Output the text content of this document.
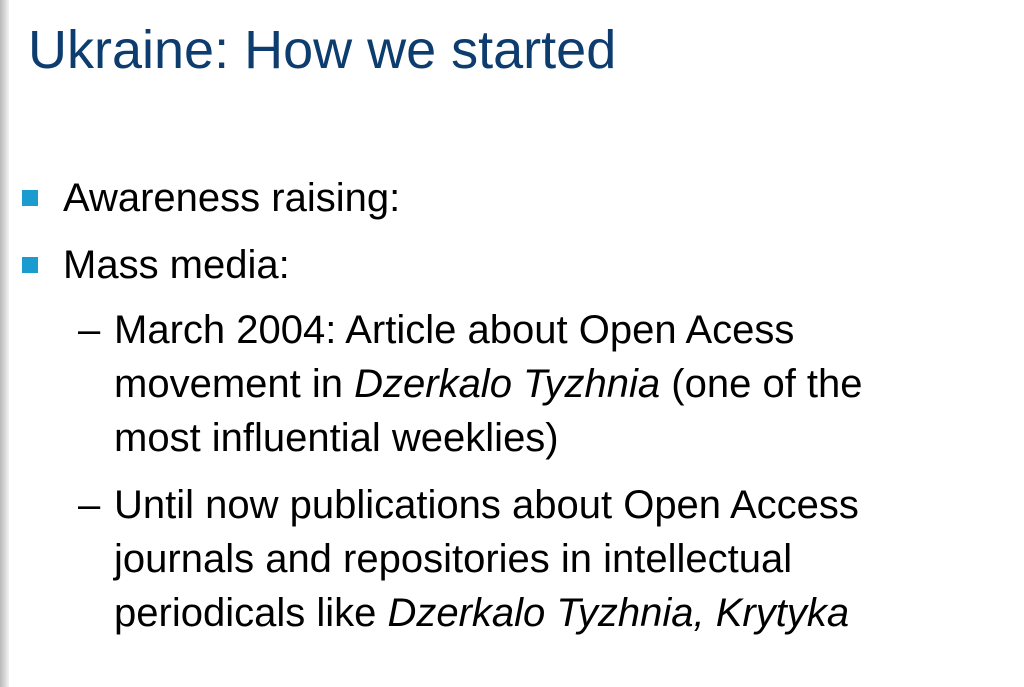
Ukraine: How we started
Awareness raising:
Mass media:
– March 2004: Article about Open Acess
movement in Dzerkalo Tyzhnia (one of the
most influential weeklies)
– Until now publications about Open Access
journals and repositories in intellectual
periodicals like Dzerkalo Tyzhnia, Krytyka
